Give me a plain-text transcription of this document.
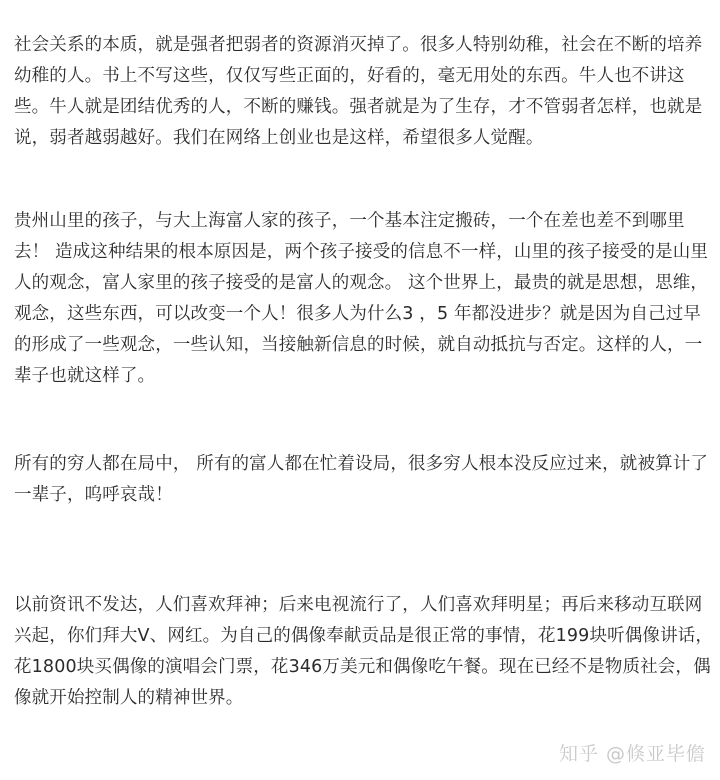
社会关系的本质，就是强者把弱者的资源消灭掉了。很多人特别幼稚，社会在不断的培养幼稚的人。书上不写这些，仅仅写些正面的，好看的，毫无用处的东西。牛人也不讲这些。牛人就是团结优秀的人，不断的赚钱。强者就是为了生存，才不管弱者怎样，也就是说，弱者越弱越好。我们在网络上创业也是这样，希望很多人觉醒。

贵州山里的孩子，与大上海富人家的孩子，一个基本注定搬砖，一个在差也差不到哪里去！ 造成这种结果的根本原因是，两个孩子接受的信息不一样，山里的孩子接受的是山里人的观念，富人家里的孩子接受的是富人的观念。 这个世界上，最贵的就是思想，思维，观念，这些东西，可以改变一个人！很多人为什么3 ，5 年都没进步？就是因为自己过早的形成了一些观念，一些认知，当接触新信息的时候，就自动抵抗与否定。这样的人，一辈子也就这样了。

所有的穷人都在局中， 所有的富人都在忙着设局，很多穷人根本没反应过来，就被算计了一辈子，呜呼哀哉！

以前资讯不发达，人们喜欢拜神；后来电视流行了，人们喜欢拜明星；再后来移动互联网兴起，你们拜大V、网红。为自己的偶像奉献贡品是很正常的事情，花199块听偶像讲话，花1800块买偶像的演唱会门票，花346万美元和偶像吃午餐。现在已经不是物质社会，偶像就开始控制人的精神世界。

知乎 @倏亚毕儋
